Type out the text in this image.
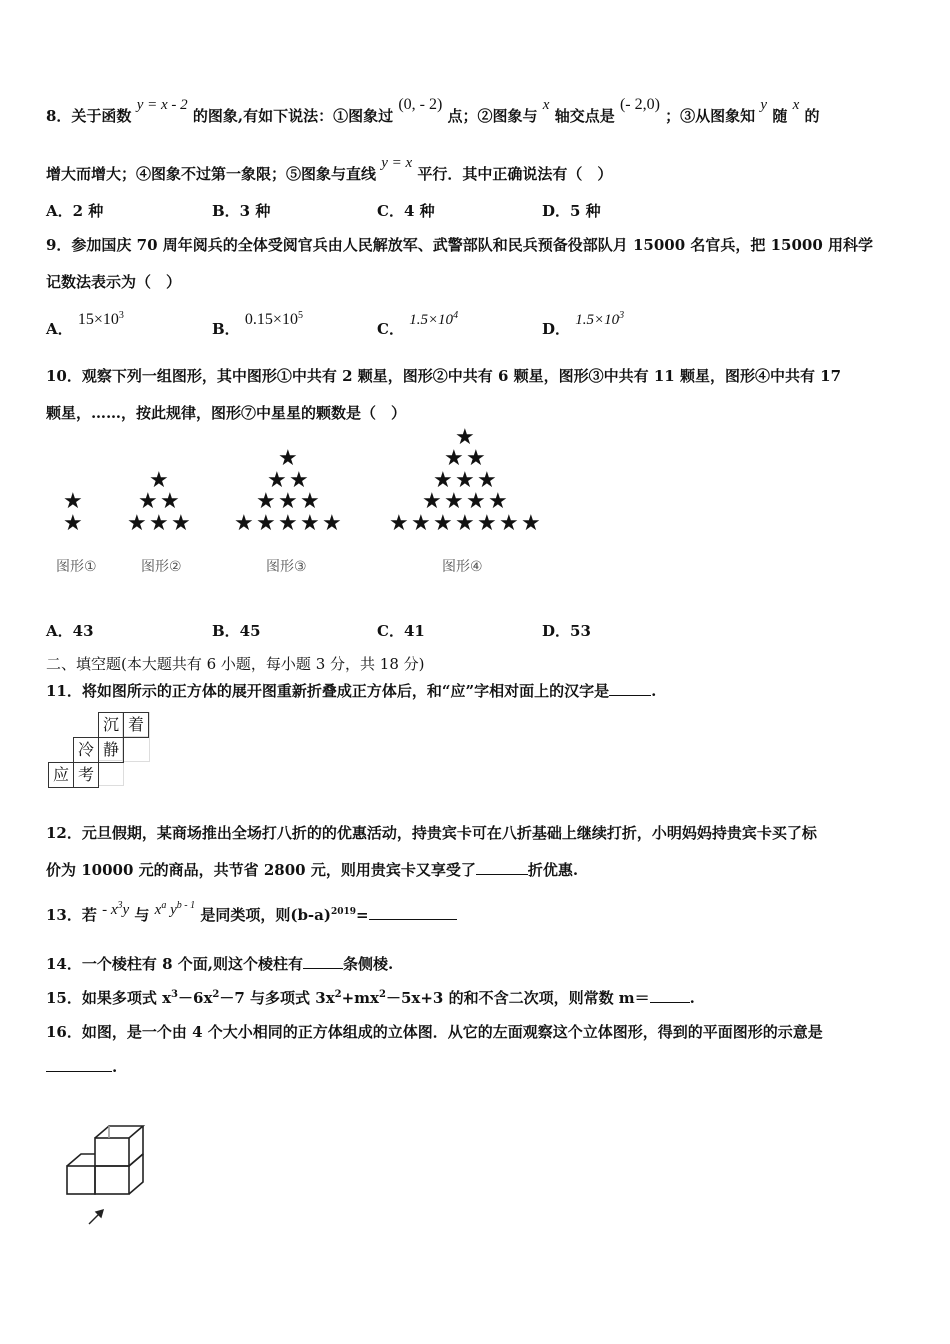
8．关于函数 y = x - 2 的图象,有如下说法：①图象过 (0, - 2) 点；②图象与 x 轴交点是 (- 2,0) ；③从图象知 y 随 x 的
增大而增大；④图象不过第一象限；⑤图象与直线 y = x 平行．其中正确说法有（　）
A．2 种	B．3 种	C．4 种	D．5 种
9．参加国庆 70 周年阅兵的全体受阅官兵由人民解放军、武警部队和民兵预备役部队月 15000 名官兵，把 15000 用科学
记数法表示为（　）
A． $15\times 10^3$
B． $0.15\times 10^5$
C． $1.5\times 10^4$
D． $1.5\times 10^3$
10．观察下列一组图形，其中图形①中共有 2 颗星，图形②中共有 6 颗星，图形③中共有 11 颗星，图形④中共有 17
颗星，……，按此规律，图形⑦中星星的颗数是（　）
★
★
★
★ ★
★ ★ ★
★
★ ★
★ ★ ★
★ ★ ★ ★ ★
★
★ ★
★ ★ ★
★ ★ ★ ★
★ ★ ★ ★ ★ ★ ★
图形①	图形②	图形③	图形④
A．43	B．45	C．41	D．53
二、填空题(本大题共有 6 小题，每小题 3 分，共 18 分)
11．将如图所示的正方体的展开图重新折叠成正方体后，和“应”字相对面上的汉字是	.
沉 着
冷 静
应 考
12．元旦假期，某商场推出全场打八折的的优惠活动，持贵宾卡可在八折基础上继续打折，小明妈妈持贵宾卡买了标
价为 10000 元的商品，共节省 2800 元，则用贵宾卡又享受了	折优惠.
13．若 - $x^3y$ 与 $x^a$ $y^{b - 1}$ 是同类项，则$(b-a)^{2019}=$
14．一个棱柱有 8 个面,则这个棱柱有	条侧棱.
15．如果多项式 $x^3-6x^2-7$ 与多项式 $3x^2+mx^2-5x+3$ 的和不含二次项，则常数 m＝	.
16．如图，是一个由 4 个大小相同的正方体组成的立体图．从它的左面观察这个立体图形，得到的平面图形的示意是
.
